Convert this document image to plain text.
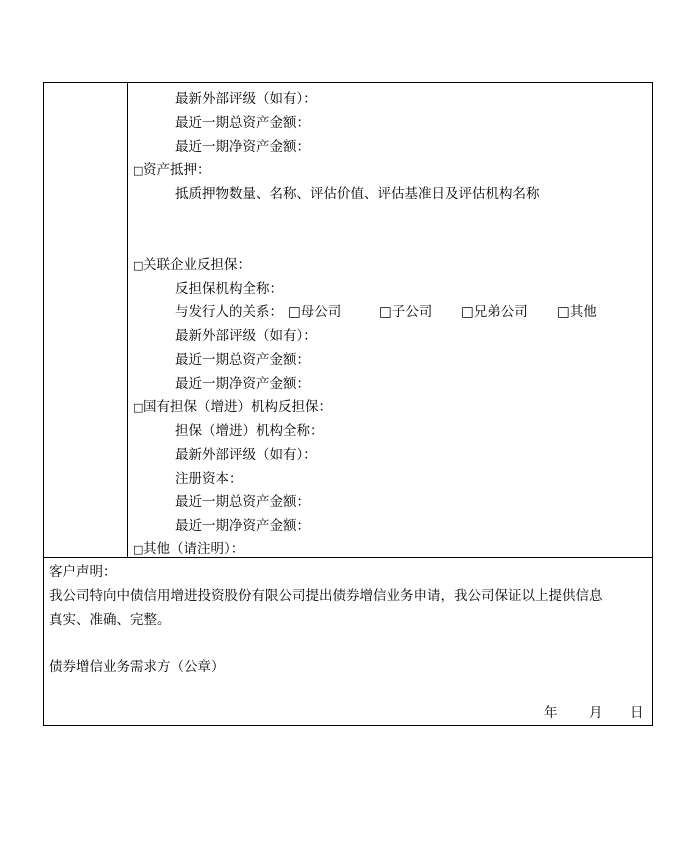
最新外部评级（如有）：
最近一期总资产金额：
最近一期净资产金额：
□资产抵押：
抵质押物数量、名称、评估价值、评估基准日及评估机构名称
□关联企业反担保：
反担保机构全称：
与发行人的关系： □母公司	□子公司 □兄弟公司 □其他
最新外部评级（如有）：
最近一期总资产金额：
最近一期净资产金额：
□国有担保（增进）机构反担保：
担保（增进）机构全称：
最新外部评级（如有）：
注册资本：
最近一期总资产金额：
最近一期净资产金额：
□其他（请注明）：

客户声明：
我公司特向中债信用增进投资股份有限公司提出债券增信业务申请，我公司保证以上提供信息
真实、准确、完整。
债券增信业务需求方（公章）
年 月 日
